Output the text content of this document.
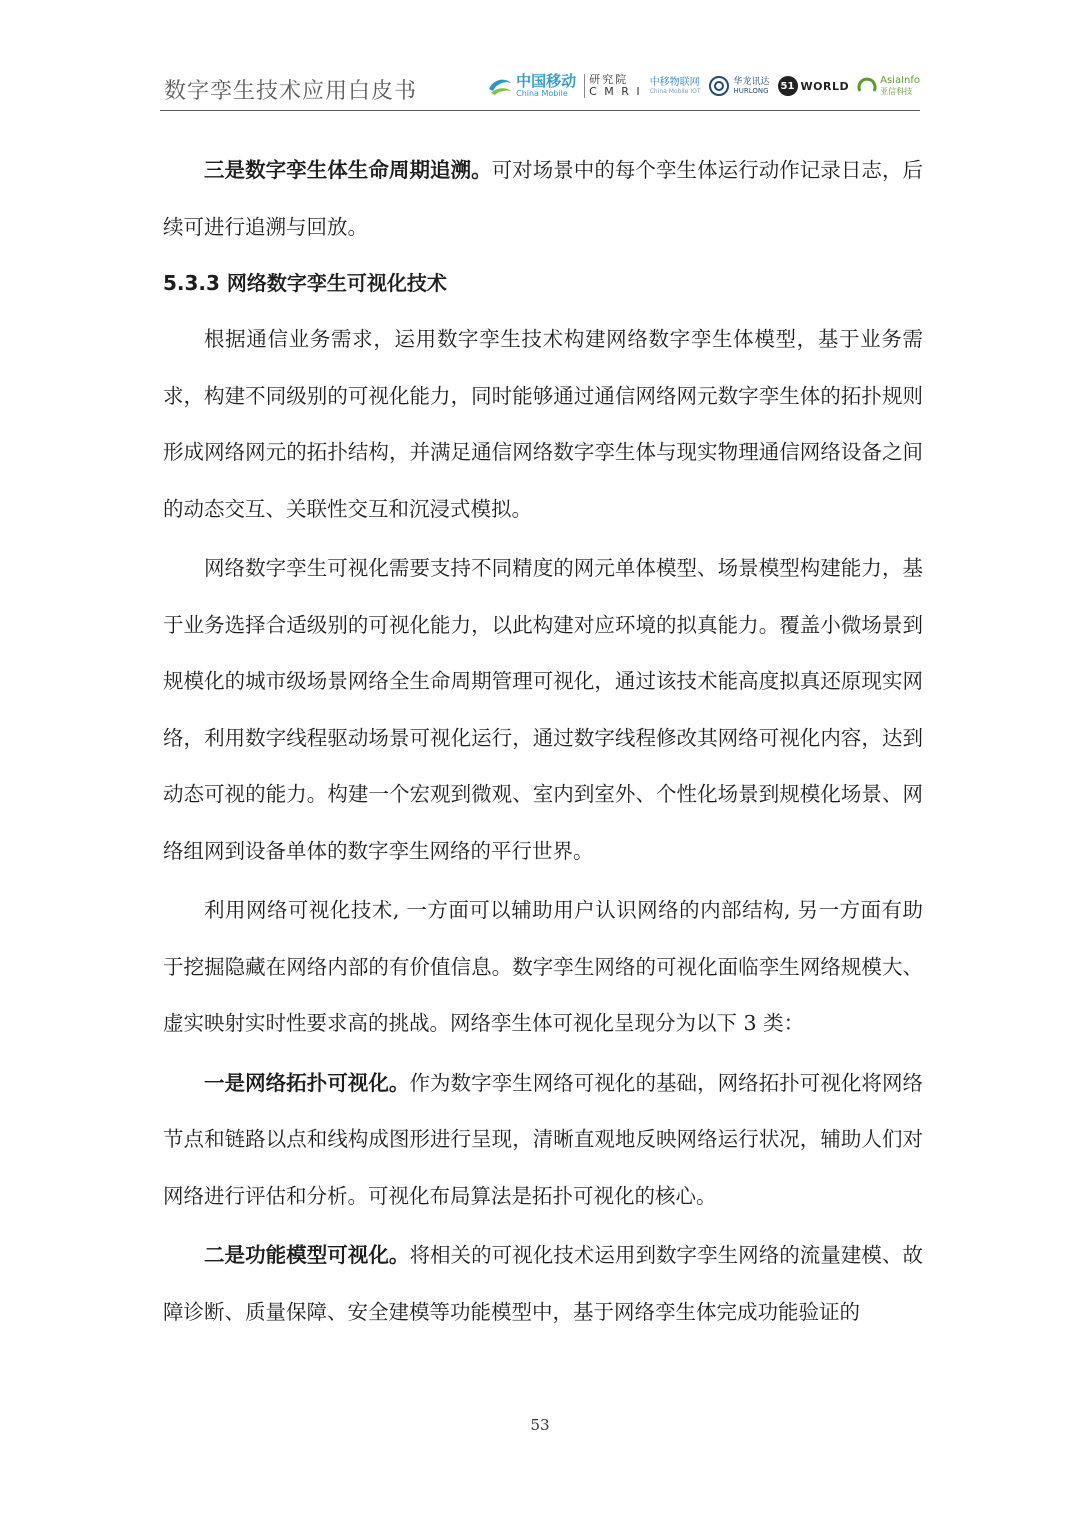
数字孪生技术应用白皮书	中国移动
China Mobile
研究院
C M R I
中移物联网
China Mobile IOT
华龙讯达
HURLONG	51 WORLD	AsiaInfo
亚信科技

三是数字孪生体生命周期追溯。可对场景中的每个孪生体运行动作记录日志，后续可进行追溯与回放。

5.3.3 网络数字孪生可视化技术

根据通信业务需求，运用数字孪生技术构建网络数字孪生体模型，基于业务需求，构建不同级别的可视化能力，同时能够通过通信网络网元数字孪生体的拓扑规则形成网络网元的拓扑结构，并满足通信网络数字孪生体与现实物理通信网络设备之间的动态交互、关联性交互和沉浸式模拟。

网络数字孪生可视化需要支持不同精度的网元单体模型、场景模型构建能力，基于业务选择合适级别的可视化能力，以此构建对应环境的拟真能力。覆盖小微场景到规模化的城市级场景网络全生命周期管理可视化，通过该技术能高度拟真还原现实网络，利用数字线程驱动场景可视化运行，通过数字线程修改其网络可视化内容，达到动态可视的能力。构建一个宏观到微观、室内到室外、个性化场景到规模化场景、网络组网到设备单体的数字孪生网络的平行世界。

利用网络可视化技术, 一方面可以辅助用户认识网络的内部结构, 另一方面有助于挖掘隐藏在网络内部的有价值信息。数字孪生网络的可视化面临孪生网络规模大、虚实映射实时性要求高的挑战。网络孪生体可视化呈现分为以下 3 类：

一是网络拓扑可视化。作为数字孪生网络可视化的基础，网络拓扑可视化将网络节点和链路以点和线构成图形进行呈现，清晰直观地反映网络运行状况，辅助人们对网络进行评估和分析。可视化布局算法是拓扑可视化的核心。

二是功能模型可视化。将相关的可视化技术运用到数字孪生网络的流量建模、故障诊断、质量保障、安全建模等功能模型中，基于网络孪生体完成功能验证的

53
